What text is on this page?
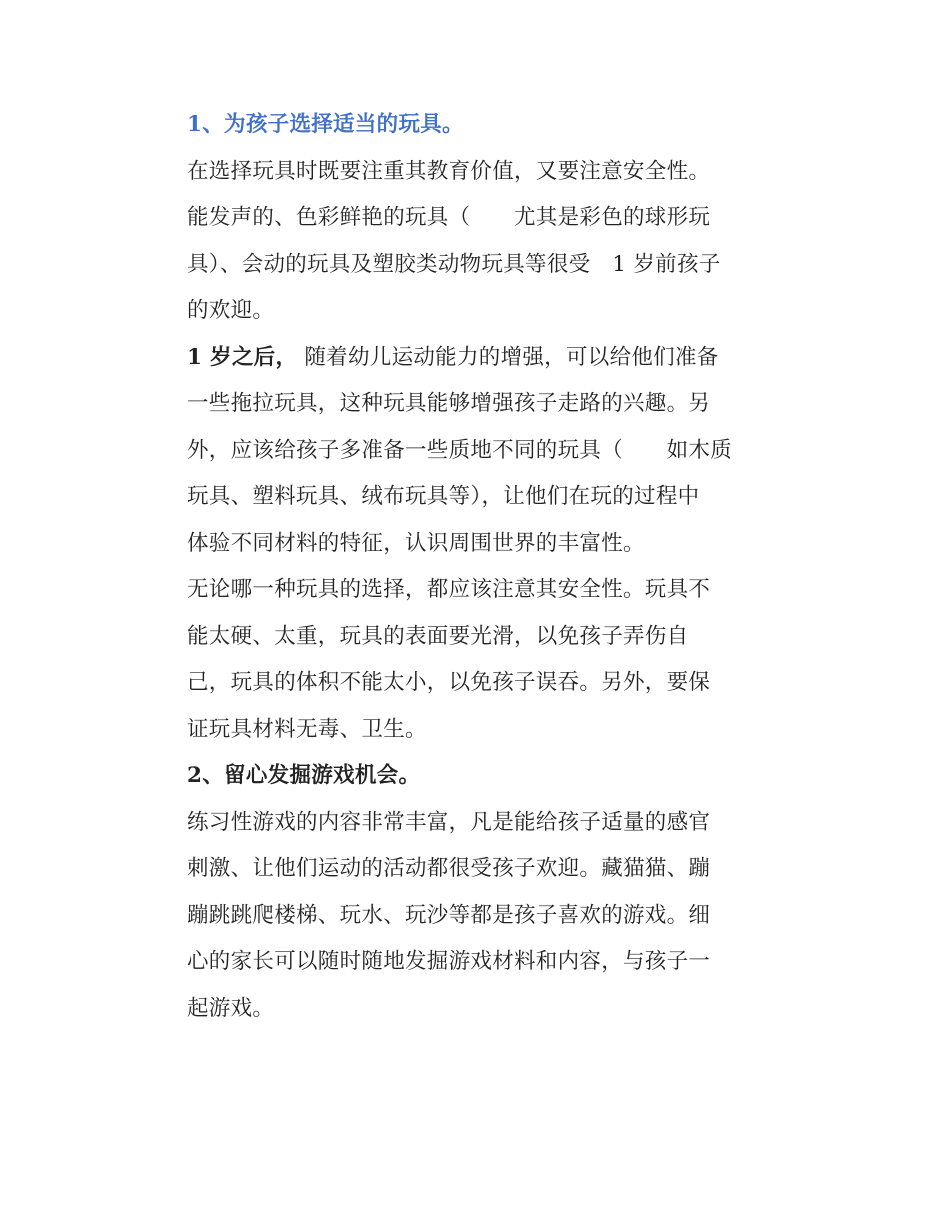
1、为孩子选择适当的玩具。
在选择玩具时既要注重其教育价值，又要注意安全性。
能发声的、色彩鲜艳的玩具（　　尤其是彩色的球形玩
具）、会动的玩具及塑胶类动物玩具等很受　1 岁前孩子
的欢迎。
1 岁之后， 随着幼儿运动能力的增强，可以给他们准备
一些拖拉玩具，这种玩具能够增强孩子走路的兴趣。另
外，应该给孩子多准备一些质地不同的玩具（　　如木质
玩具、塑料玩具、绒布玩具等），让他们在玩的过程中
体验不同材料的特征，认识周围世界的丰富性。
无论哪一种玩具的选择，都应该注意其安全性。玩具不
能太硬、太重，玩具的表面要光滑，以免孩子弄伤自
己，玩具的体积不能太小，以免孩子误吞。另外，要保
证玩具材料无毒、卫生。
2、留心发掘游戏机会。
练习性游戏的内容非常丰富，凡是能给孩子适量的感官
刺激、让他们运动的活动都很受孩子欢迎。藏猫猫、蹦
蹦跳跳爬楼梯、玩水、玩沙等都是孩子喜欢的游戏。细
心的家长可以随时随地发掘游戏材料和内容，与孩子一
起游戏。
